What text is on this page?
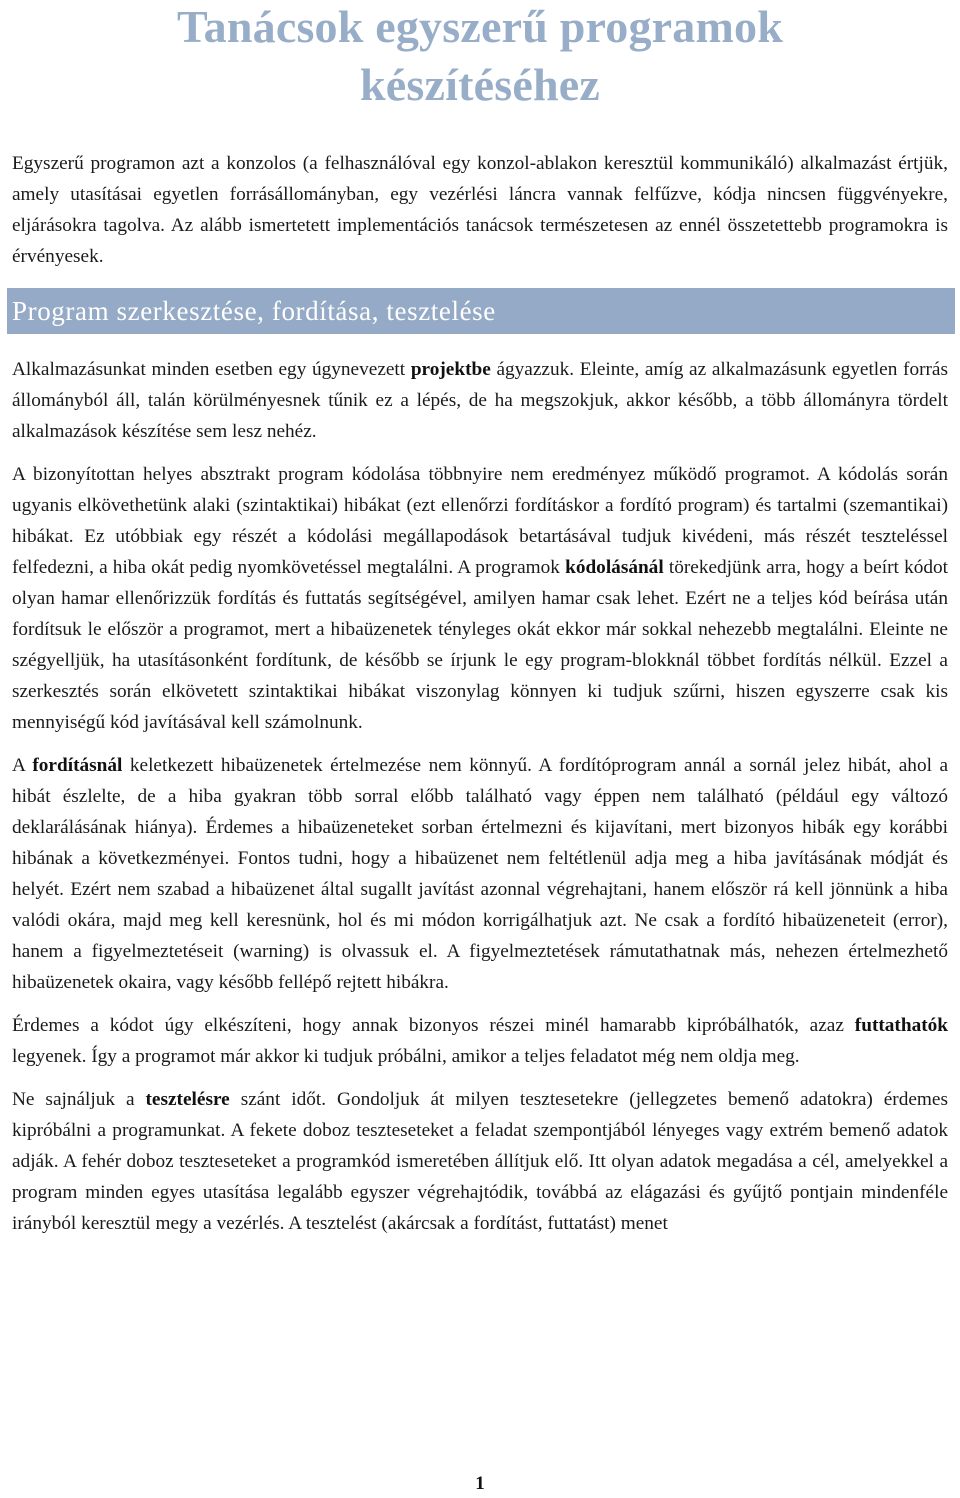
Tanácsok egyszerű programok
készítéséhez

Egyszerű programon azt a konzolos (a felhasználóval egy konzol-ablakon keresztül kommunikáló) alkalmazást értjük, amely utasításai egyetlen forrásállományban, egy vezérlési láncra vannak felfűzve, kódja nincsen függvényekre, eljárásokra tagolva. Az alább ismertetett implementációs tanácsok természetesen az ennél összetettebb programokra is érvényesek.

Program szerkesztése, fordítása, tesztelése

Alkalmazásunkat minden esetben egy úgynevezett projektbe ágyazzuk. Eleinte, amíg az alkalmazásunk egyetlen forrás állományból áll, talán körülményesnek tűnik ez a lépés, de ha megszokjuk, akkor később, a több állományra tördelt alkalmazások készítése sem lesz nehéz.

A bizonyítottan helyes absztrakt program kódolása többnyire nem eredményez működő programot. A kódolás során ugyanis elkövethetünk alaki (szintaktikai) hibákat (ezt ellenőrzi fordításkor a fordító program) és tartalmi (szemantikai) hibákat. Ez utóbbiak egy részét a kódolási megállapodások betartásával tudjuk kivédeni, más részét teszteléssel felfedezni, a hiba okát pedig nyomkövetéssel megtalálni. A programok kódolásánál törekedjünk arra, hogy a beírt kódot olyan hamar ellenőrizzük fordítás és futtatás segítségével, amilyen hamar csak lehet. Ezért ne a teljes kód beírása után fordítsuk le először a programot, mert a hibaüzenetek tényleges okát ekkor már sokkal nehezebb megtalálni. Eleinte ne szégyelljük, ha utasításonként fordítunk, de később se írjunk le egy program-blokknál többet fordítás nélkül. Ezzel a szerkesztés során elkövetett szintaktikai hibákat viszonylag könnyen ki tudjuk szűrni, hiszen egyszerre csak kis mennyiségű kód javításával kell számolnunk.

A fordításnál keletkezett hibaüzenetek értelmezése nem könnyű. A fordítóprogram annál a sornál jelez hibát, ahol a hibát észlelte, de a hiba gyakran több sorral előbb található vagy éppen nem található (például egy változó deklarálásának hiánya). Érdemes a hibaüzeneteket sorban értelmezni és kijavítani, mert bizonyos hibák egy korábbi hibának a következményei. Fontos tudni, hogy a hibaüzenet nem feltétlenül adja meg a hiba javításának módját és helyét. Ezért nem szabad a hibaüzenet által sugallt javítást azonnal végrehajtani, hanem először rá kell jönnünk a hiba valódi okára, majd meg kell keresnünk, hol és mi módon korrigálhatjuk azt. Ne csak a fordító hibaüzeneteit (error), hanem a figyelmeztetéseit (warning) is olvassuk el. A figyelmeztetések rámutathatnak más, nehezen értelmezhető hibaüzenetek okaira, vagy később fellépő rejtett hibákra.

Érdemes a kódot úgy elkészíteni, hogy annak bizonyos részei minél hamarabb kipróbálhatók, azaz futtathatók legyenek. Így a programot már akkor ki tudjuk próbálni, amikor a teljes feladatot még nem oldja meg.

Ne sajnáljuk a tesztelésre szánt időt. Gondoljuk át milyen tesztesetekre (jellegzetes bemenő adatokra) érdemes kipróbálni a programunkat. A fekete doboz teszteseteket a feladat szempontjából lényeges vagy extrém bemenő adatok adják. A fehér doboz teszteseteket a programkód ismeretében állítjuk elő. Itt olyan adatok megadása a cél, amelyekkel a program minden egyes utasítása legalább egyszer végrehajtódik, továbbá az elágazási és gyűjtő pontjain mindenféle irányból keresztül megy a vezérlés. A tesztelést (akárcsak a fordítást, futtatást) menet

1
